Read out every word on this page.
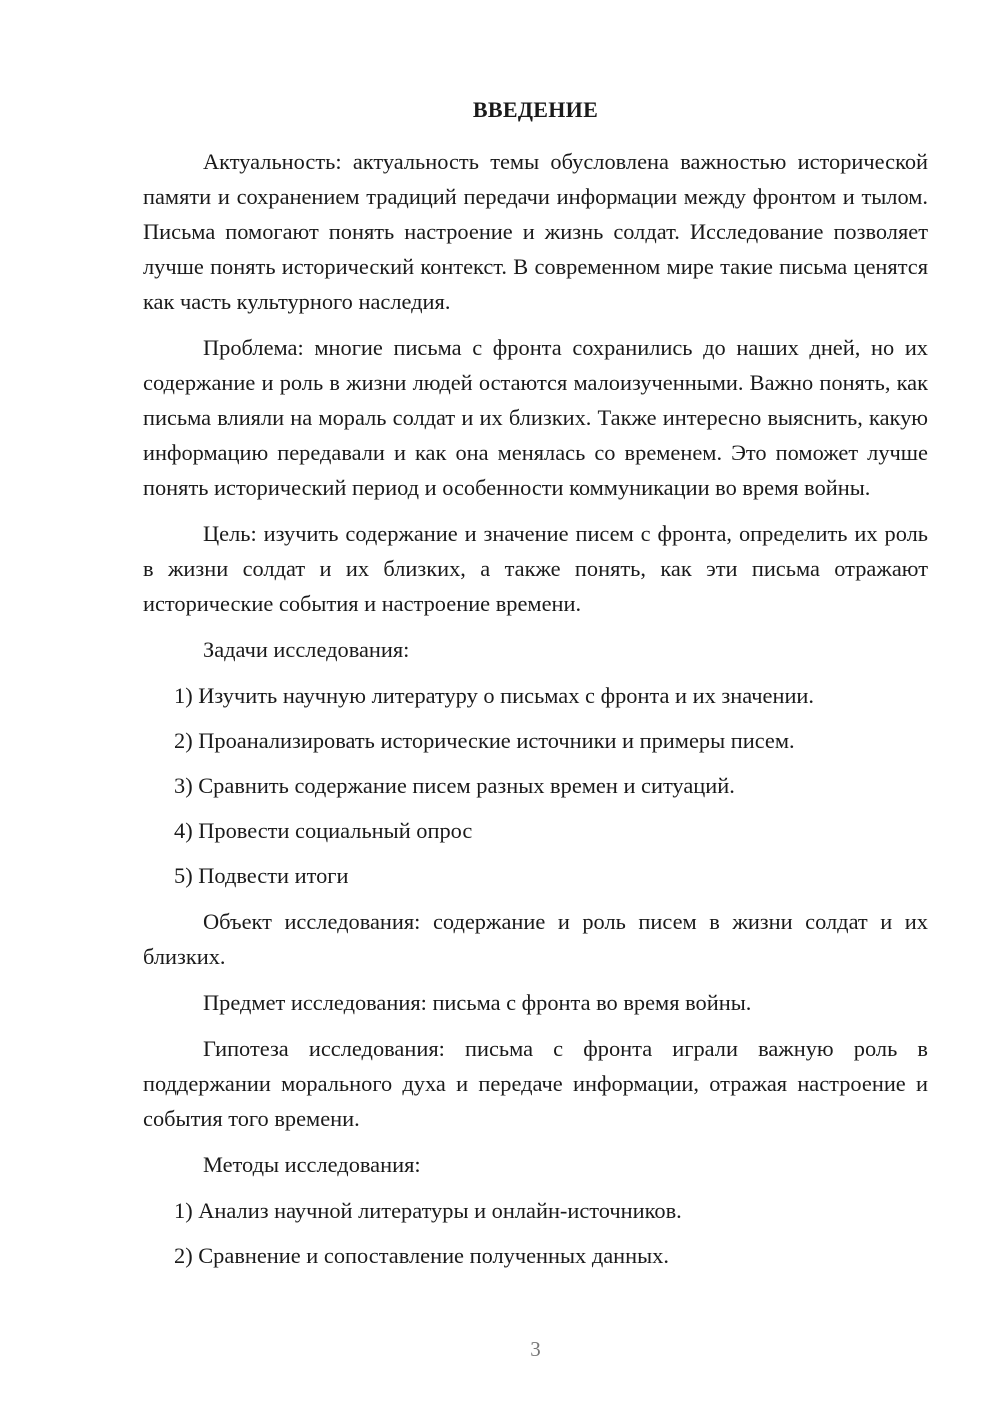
ВВЕДЕНИЕ

Актуальность: актуальность темы обусловлена важностью исторической памяти и сохранением традиций передачи информации между фронтом и тылом. Письма помогают понять настроение и жизнь солдат. Исследование позволяет лучше понять исторический контекст. В современном мире такие письма ценятся как часть культурного наследия.

Проблема: многие письма с фронта сохранились до наших дней, но их содержание и роль в жизни людей остаются малоизученными. Важно понять, как письма влияли на мораль солдат и их близких. Также интересно выяснить, какую информацию передавали и как она менялась со временем. Это поможет лучше понять исторический период и особенности коммуникации во время войны.

Цель: изучить содержание и значение писем с фронта, определить их роль в жизни солдат и их близких, а также понять, как эти письма отражают исторические события и настроение времени.

Задачи исследования:

1) Изучить научную литературу о письмах с фронта и их значении.

2) Проанализировать исторические источники и примеры писем.

3) Сравнить содержание писем разных времен и ситуаций.

4) Провести социальный опрос

5) Подвести итоги

Объект исследования: содержание и роль писем в жизни солдат и их близких.

Предмет исследования: письма с фронта во время войны.

Гипотеза исследования: письма с фронта играли важную роль в поддержании морального духа и передаче информации, отражая настроение и события того времени.

Методы исследования:

1) Анализ научной литературы и онлайн-источников.

2) Сравнение и сопоставление полученных данных.

3
